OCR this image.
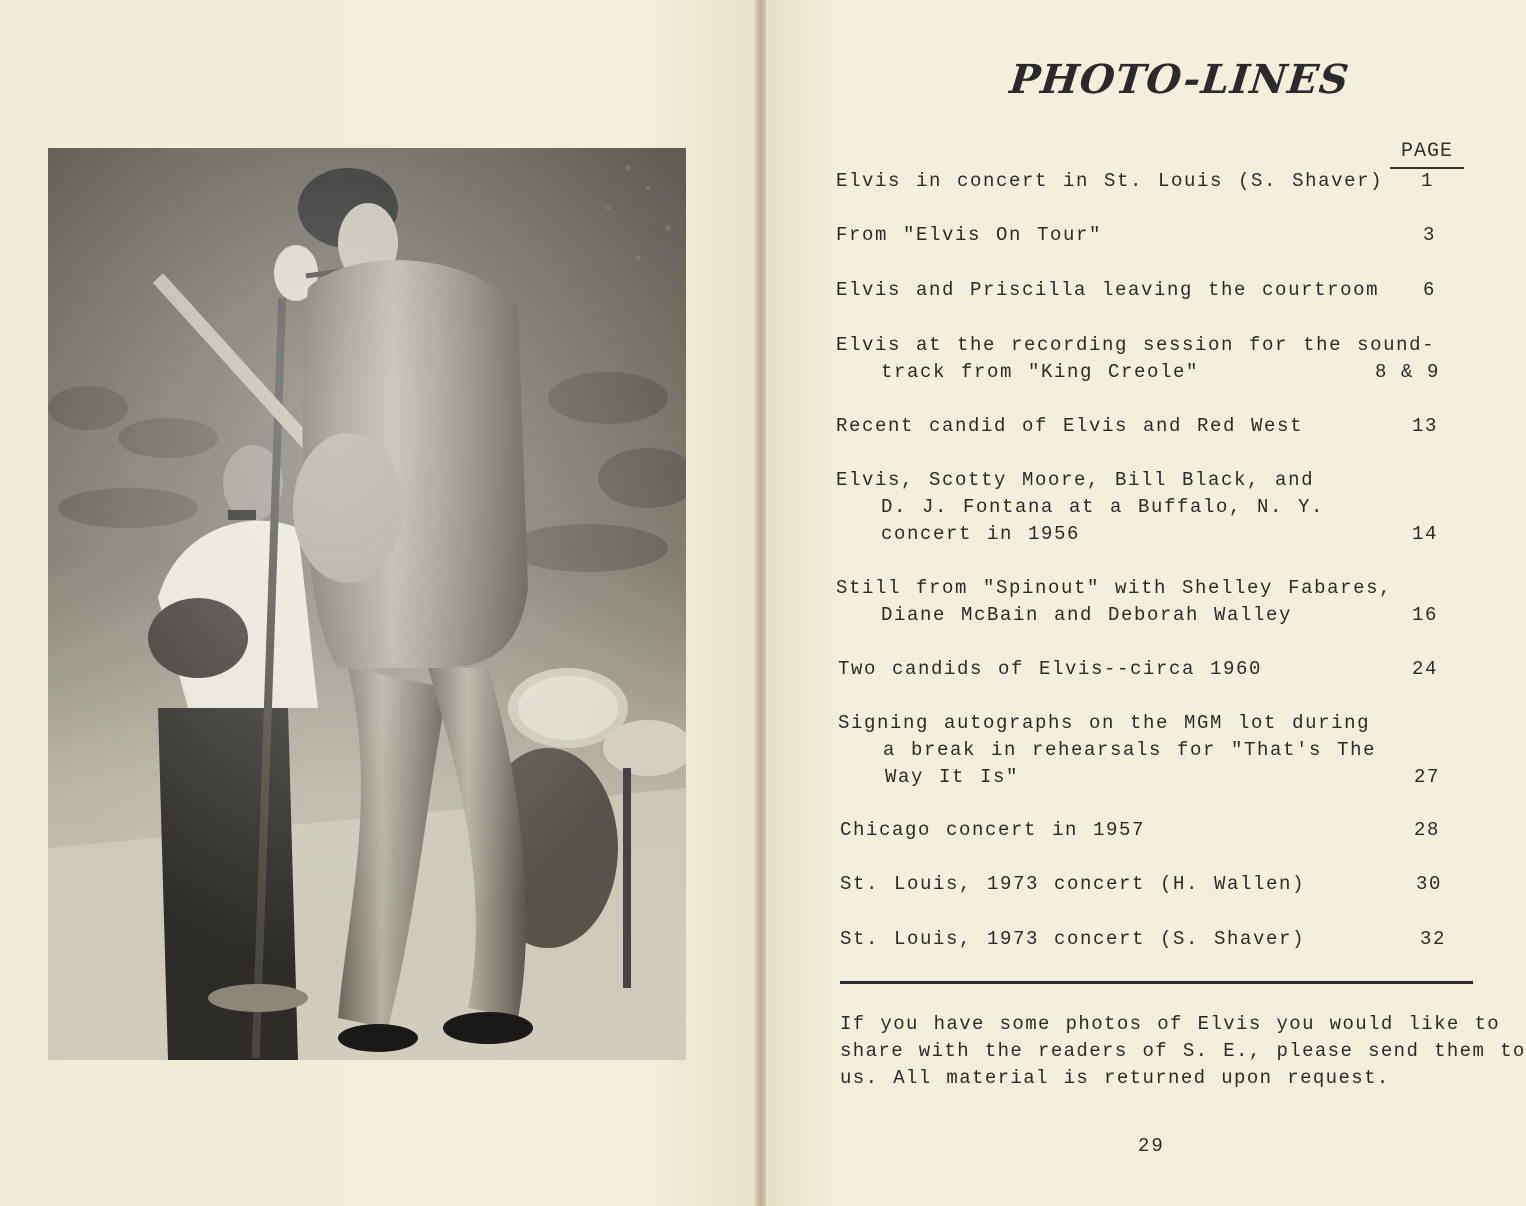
PHOTO-LINES
PAGE
Elvis in concert in St. Louis (S. Shaver)	1
From "Elvis On Tour"	3
Elvis and Priscilla leaving the courtroom	6
Elvis at the recording session for the sound-
track from "King Creole"	8 & 9
Recent candid of Elvis and Red West	13
Elvis, Scotty Moore, Bill Black, and
D. J. Fontana at a Buffalo, N. Y.
concert in 1956	14
Still from "Spinout" with Shelley Fabares,
Diane McBain and Deborah Walley	16
Two candids of Elvis--circa 1960	24
Signing autographs on the MGM lot during
a break in rehearsals for "That's The
Way It Is"	27
Chicago concert in 1957	28
St. Louis, 1973 concert (H. Wallen)	30
St. Louis, 1973 concert (S. Shaver)	32
If you have some photos of Elvis you would like to
share with the readers of S. E., please send them to
us. All material is returned upon request.
29
